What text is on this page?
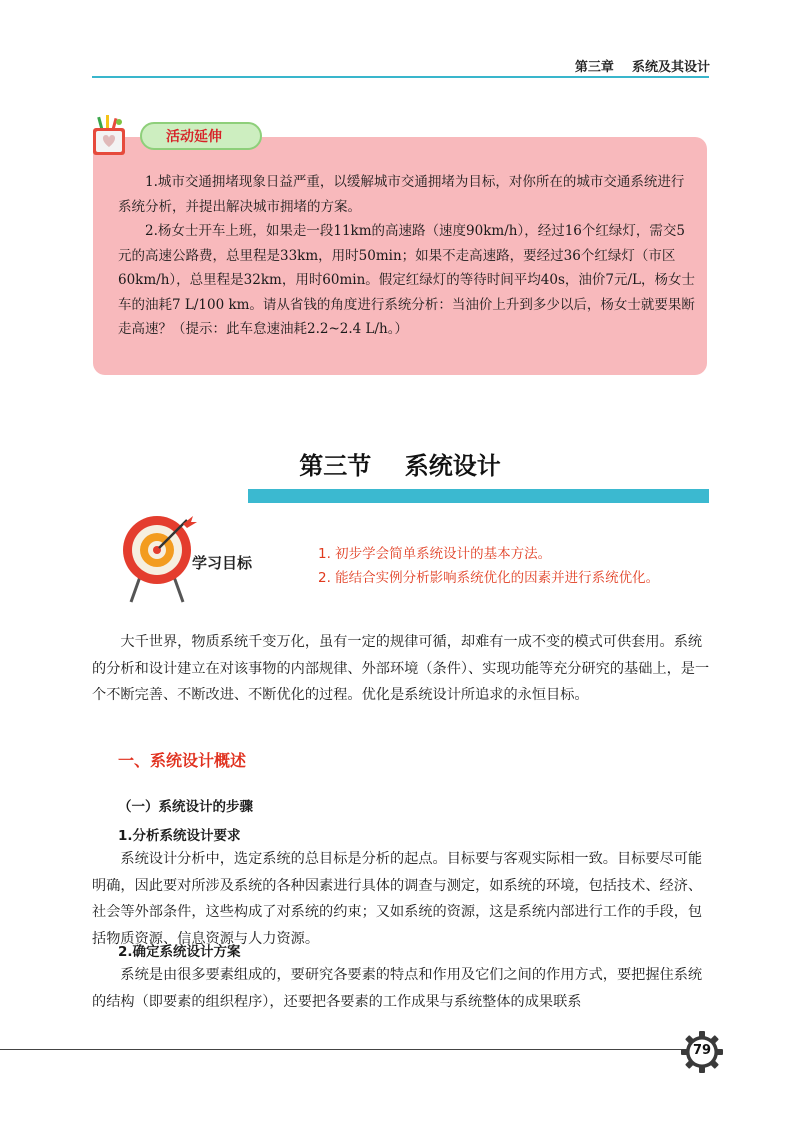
第三章    系统及其设计
活动延伸

1.城市交通拥堵现象日益严重，以缓解城市交通拥堵为目标，对你所在的城市交通系统进行系统分析，并提出解决城市拥堵的方案。

2.杨女士开车上班，如果走一段11km的高速路（速度90km/h），经过16个红绿灯，需交5元的高速公路费，总里程是33km，用时50min；如果不走高速路，要经过36个红绿灯（市区60km/h），总里程是32km，用时60min。假定红绿灯的等待时间平均40s，油价7元/L，杨女士车的油耗7 L/100 km。请从省钱的角度进行系统分析：当油价上升到多少以后，杨女士就要果断走高速？（提示：此车怠速油耗2.2~2.4 L/h。）

第三节    系统设计
学习目标	1. 初步学会简单系统设计的基本方法。
2. 能结合实例分析影响系统优化的因素并进行系统优化。

大千世界，物质系统千变万化，虽有一定的规律可循，却难有一成不变的模式可供套用。系统的分析和设计建立在对该事物的内部规律、外部环境（条件）、实现功能等充分研究的基础上，是一个不断完善、不断改进、不断优化的过程。优化是系统设计所追求的永恒目标。

一、系统设计概述
（一）系统设计的步骤
1.分析系统设计要求

系统设计分析中，选定系统的总目标是分析的起点。目标要与客观实际相一致。目标要尽可能明确，因此要对所涉及系统的各种因素进行具体的调查与测定，如系统的环境，包括技术、经济、社会等外部条件，这些构成了对系统的约束；又如系统的资源，这是系统内部进行工作的手段，包括物质资源、信息资源与人力资源。

2.确定系统设计方案

系统是由很多要素组成的，要研究各要素的特点和作用及它们之间的作用方式，要把握住系统的结构（即要素的组织程序），还要把各要素的工作成果与系统整体的成果联系

79
